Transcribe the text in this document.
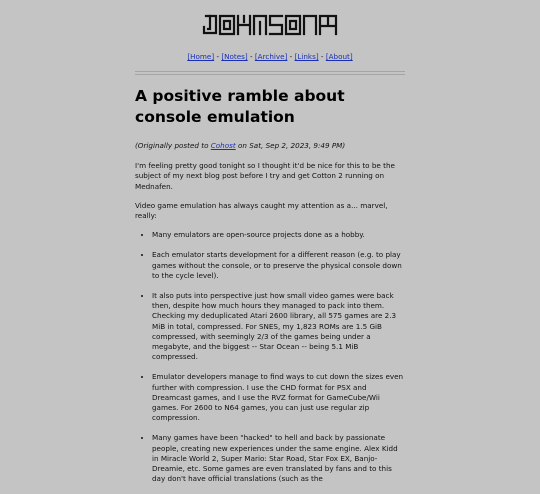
[Home] - [Notes] - [Archive] - [Links] - [About]
A positive ramble about console emulation
(Originally posted to Cohost on Sat, Sep 2, 2023, 9:49 PM)

I'm feeling pretty good tonight so I thought it'd be nice for this to be the subject of my next blog post before I try and get Cotton 2 running on Mednafen.

Video game emulation has always caught my attention as a... marvel, really:

• Many emulators are open-source projects done as a hobby.
• Each emulator starts development for a different reason (e.g. to play games without the console, or to preserve the physical console down to the cycle level).
• It also puts into perspective just how small video games were back then, despite how much hours they managed to pack into them. Checking my deduplicated Atari 2600 library, all 575 games are 2.3 MiB in total, compressed. For SNES, my 1,823 ROMs are 1.5 GiB compressed, with seemingly 2/3 of the games being under a megabyte, and the biggest -- Star Ocean -- being 5.1 MiB compressed.
• Emulator developers manage to find ways to cut down the sizes even further with compression. I use the CHD format for PSX and Dreamcast games, and I use the RVZ format for GameCube/Wii games. For 2600 to N64 games, you can just use regular zip compression.
• Many games have been "hacked" to hell and back by passionate people, creating new experiences under the same engine. Alex Kidd in Miracle World 2, Super Mario: Star Road, Star Fox EX, Banjo-Dreamie, etc. Some games are even translated by fans and to this day don't have official translations (such as the
